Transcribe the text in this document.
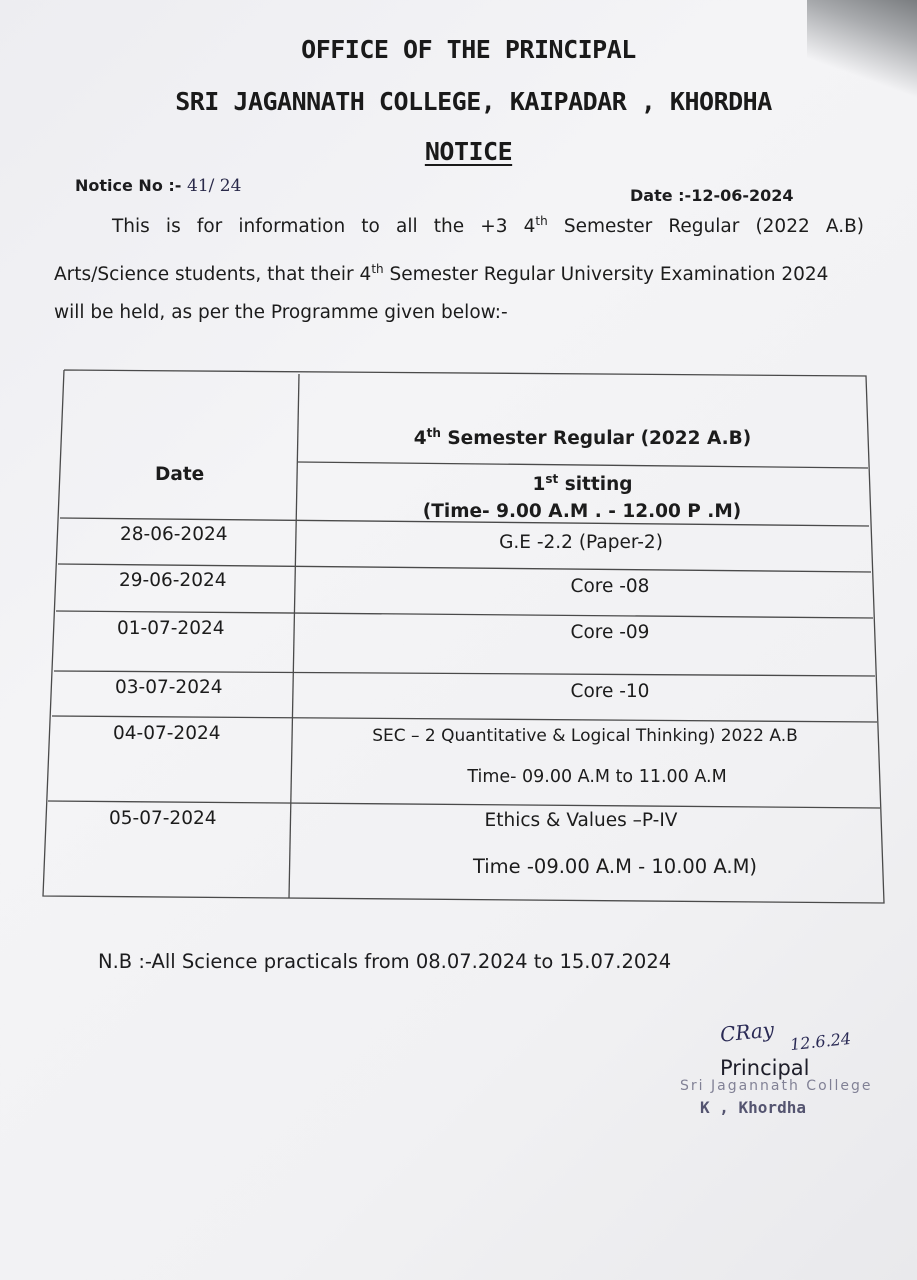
OFFICE OF THE PRINCIPAL
SRI JAGANNATH COLLEGE, KAIPADAR , KHORDHA
NOTICE
Notice No :- 41/ 24	Date :-12-06-2024
This is for information to all the +3 4th Semester Regular (2022 A.B)
Arts/Science students, that their 4th Semester Regular University Examination 2024
will be held, as per the Programme given below:-
Date
4th Semester Regular (2022 A.B)
1st sitting
(Time- 9.00 A.M . - 12.00 P .M)
28-06-2024	G.E -2.2 (Paper-2)
29-06-2024	Core -08
01-07-2024	Core -09
03-07-2024	Core -10
04-07-2024	SEC – 2 Quantitative & Logical Thinking) 2022 A.B
Time- 09.00 A.M to 11.00 A.M
05-07-2024	Ethics & Values –P-IV
Time -09.00 A.M - 10.00 A.M)
N.B :-All Science practicals from 08.07.2024 to 15.07.2024
CRay 12.6.24
Principal
Sri Jagannath College
K , Khordha
